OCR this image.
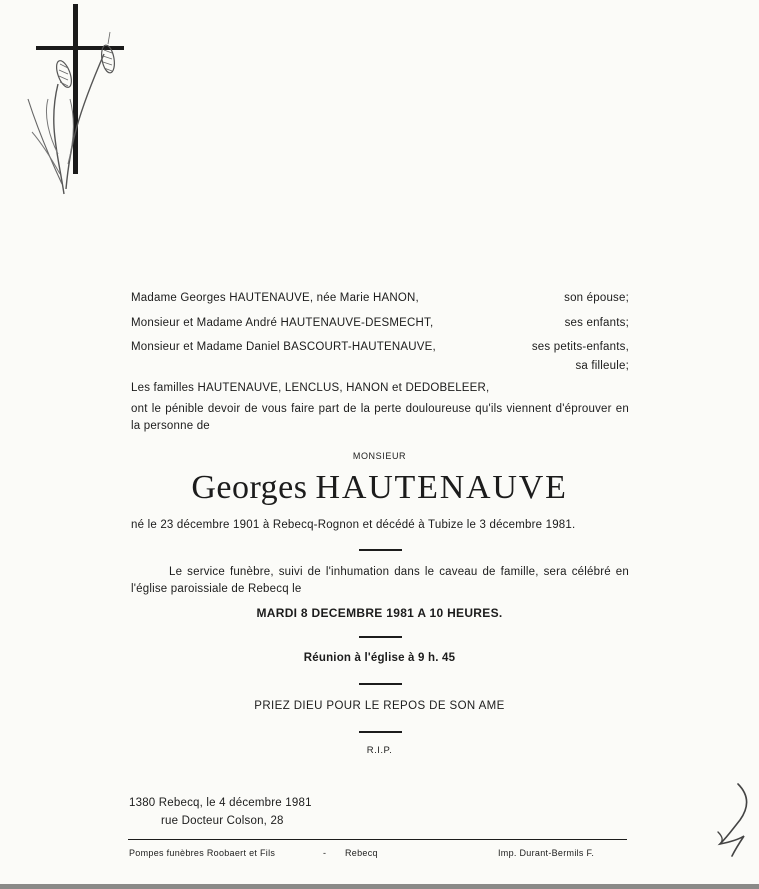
Madame Georges HAUTENAUVE, née Marie HANON,	son épouse;
Monsieur et Madame André HAUTENAUVE-DESMECHT,	ses enfants;
Monsieur et Madame Daniel BASCOURT-HAUTENAUVE,	ses petits-enfants,
sa filleule;
Les familles HAUTENAUVE, LENCLUS, HANON et DEDOBELEER,
ont le pénible devoir de vous faire part de la perte douloureuse qu'ils viennent d'éprouver en la personne de
MONSIEUR
Georges HAUTENAUVE
né le 23 décembre 1901 à Rebecq-Rognon et décédé à Tubize le 3 décembre 1981.
Le service funèbre, suivi de l'inhumation dans le caveau de famille, sera célébré en l'église paroissiale de Rebecq le
MARDI 8 DECEMBRE 1981 A 10 HEURES.
Réunion à l'église à 9 h. 45
PRIEZ DIEU POUR LE REPOS DE SON AME
R.I.P.
1380 Rebecq, le 4 décembre 1981
rue Docteur Colson, 28
Pompes funèbres Roobaert et Fils	- Rebecq	Imp. Durant-Bermils F.
